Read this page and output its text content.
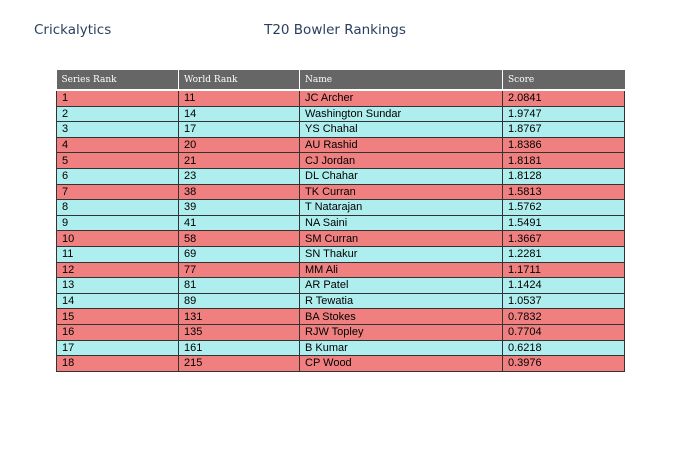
Crickalytics	T20 Bowler Rankings
Series Rank	World Rank	Name	Score
1	11	JC Archer	2.0841
2	14	Washington Sundar	1.9747
3	17	YS Chahal	1.8767
4	20	AU Rashid	1.8386
5	21	CJ Jordan	1.8181
6	23	DL Chahar	1.8128
7	38	TK Curran	1.5813
8	39	T Natarajan	1.5762
9	41	NA Saini	1.5491
10	58	SM Curran	1.3667
11	69	SN Thakur	1.2281
12	77	MM Ali	1.1711
13	81	AR Patel	1.1424
14	89	R Tewatia	1.0537
15	131	BA Stokes	0.7832
16	135	RJW Topley	0.7704
17	161	B Kumar	0.6218
18	215	CP Wood	0.3976
